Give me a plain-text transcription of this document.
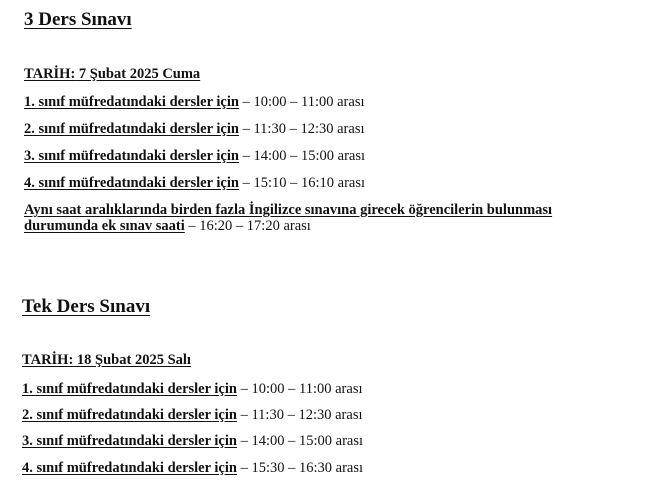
3 Ders Sınavı
TARİH: 7 Şubat 2025 Cuma
1. sınıf müfredatındaki dersler için – 10:00 – 11:00 arası
2. sınıf müfredatındaki dersler için – 11:30 – 12:30 arası
3. sınıf müfredatındaki dersler için – 14:00 – 15:00 arası
4. sınıf müfredatındaki dersler için – 15:10 – 16:10 arası
Aynı saat aralıklarında birden fazla İngilizce sınavına girecek öğrencilerin bulunması
durumunda ek sınav saati – 16:20 – 17:20 arası
Tek Ders Sınavı
TARİH: 18 Şubat 2025 Salı
1. sınıf müfredatındaki dersler için – 10:00 – 11:00 arası
2. sınıf müfredatındaki dersler için – 11:30 – 12:30 arası
3. sınıf müfredatındaki dersler için – 14:00 – 15:00 arası
4. sınıf müfredatındaki dersler için – 15:30 – 16:30 arası
